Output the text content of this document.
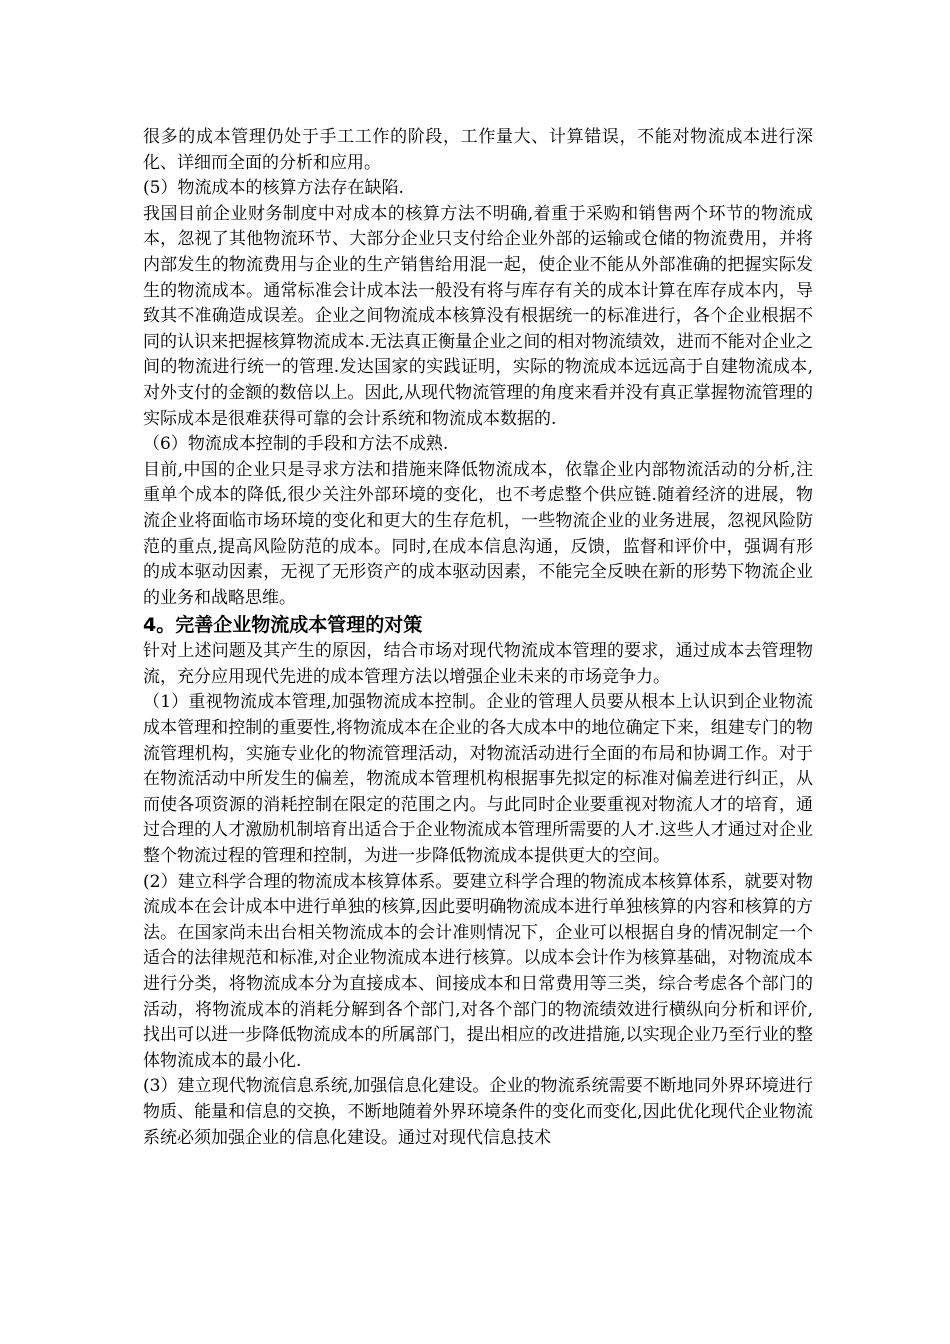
很多的成本管理仍处于手工工作的阶段，工作量大、计算错误，不能对物流成本进行深化、详细而全面的分析和应用。

(5）物流成本的核算方法存在缺陷.

我国目前企业财务制度中对成本的核算方法不明确,着重于采购和销售两个环节的物流成本，忽视了其他物流环节、大部分企业只支付给企业外部的运输或仓储的物流费用，并将内部发生的物流费用与企业的生产销售给用混一起，使企业不能从外部准确的把握实际发生的物流成本。通常标准会计成本法一般没有将与库存有关的成本计算在库存成本内，导致其不准确造成误差。企业之间物流成本核算没有根据统一的标准进行，各个企业根据不同的认识来把握核算物流成本.无法真正衡量企业之间的相对物流绩效，进而不能对企业之间的物流进行统一的管理.发达国家的实践证明，实际的物流成本远远高于自建物流成本,对外支付的金额的数倍以上。因此,从现代物流管理的角度来看并没有真正掌握物流管理的实际成本是很难获得可靠的会计系统和物流成本数据的.

（6）物流成本控制的手段和方法不成熟.

目前,中国的企业只是寻求方法和措施来降低物流成本，依靠企业内部物流活动的分析,注重单个成本的降低,很少关注外部环境的变化，也不考虑整个供应链.随着经济的进展，物流企业将面临市场环境的变化和更大的生存危机，一些物流企业的业务进展，忽视风险防范的重点,提高风险防范的成本。同时,在成本信息沟通，反馈，监督和评价中，强调有形的成本驱动因素，无视了无形资产的成本驱动因素，不能完全反映在新的形势下物流企业的业务和战略思维。

4。完善企业物流成本管理的对策

针对上述问题及其产生的原因，结合市场对现代物流成本管理的要求，通过成本去管理物流，充分应用现代先进的成本管理方法以增强企业未来的市场竞争力。

（1）重视物流成本管理,加强物流成本控制。企业的管理人员要从根本上认识到企业物流成本管理和控制的重要性,将物流成本在企业的各大成本中的地位确定下来，组建专门的物流管理机构，实施专业化的物流管理活动，对物流活动进行全面的布局和协调工作。对于在物流活动中所发生的偏差，物流成本管理机构根据事先拟定的标准对偏差进行纠正，从而使各项资源的消耗控制在限定的范围之内。与此同时企业要重视对物流人才的培育，通过合理的人才激励机制培育出适合于企业物流成本管理所需要的人才.这些人才通过对企业整个物流过程的管理和控制，为进一步降低物流成本提供更大的空间。

(2）建立科学合理的物流成本核算体系。要建立科学合理的物流成本核算体系，就要对物流成本在会计成本中进行单独的核算,因此要明确物流成本进行单独核算的内容和核算的方法。在国家尚未出台相关物流成本的会计准则情况下，企业可以根据自身的情况制定一个适合的法律规范和标准,对企业物流成本进行核算。以成本会计作为核算基础，对物流成本进行分类，将物流成本分为直接成本、间接成本和日常费用等三类，综合考虑各个部门的活动，将物流成本的消耗分解到各个部门,对各个部门的物流绩效进行横纵向分析和评价,找出可以进一步降低物流成本的所属部门，提出相应的改进措施,以实现企业乃至行业的整体物流成本的最小化.

(3）建立现代物流信息系统,加强信息化建设。企业的物流系统需要不断地同外界环境进行物质、能量和信息的交换，不断地随着外界环境条件的变化而变化,因此优化现代企业物流系统必须加强企业的信息化建设。通过对现代信息技术
